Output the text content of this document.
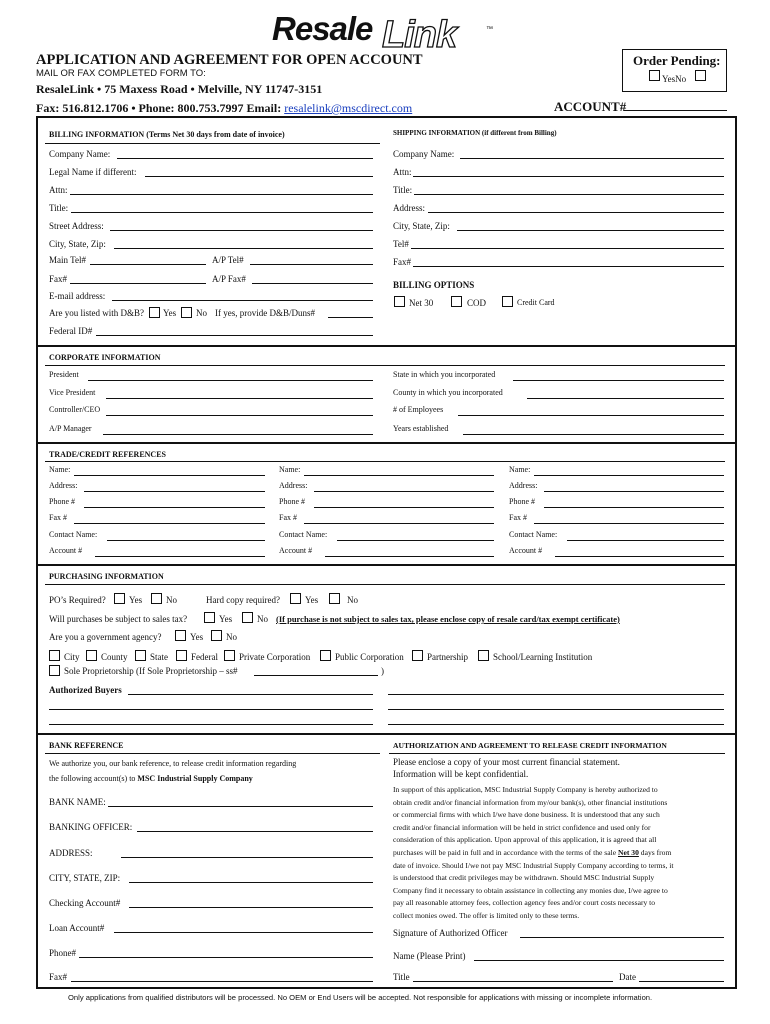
Resale Link	™
APPLICATION AND AGREEMENT FOR OPEN ACCOUNT
MAIL OR FAX COMPLETED FORM TO:
ResaleLink • 75 Maxess Road • Melville, NY 11747-3151
Fax: 516.812.1706 • Phone: 800.753.7997 Email: resalelink@mscdirect.com
Order Pending:
YesNo
ACCOUNT#
BILLING INFORMATION (Terms Net 30 days from date of invoice)
Company Name:
Legal Name if different:
Attn:
Title:
Street Address:
City, State, Zip:
Main Tel#	A/P Tel#
Fax#	A/P Fax#
E-mail address:
Are you listed with D&B? Yes No If yes, provide D&B/Duns#
Federal ID#
SHIPPING INFORMATION (if different from Billing)
Company Name:
Attn:
Title:
Address:
City, State, Zip:
Tel#
Fax#
BILLING OPTIONS
Net 30	COD	Credit Card
CORPORATE INFORMATION
President
Vice President
Controller/CEO
A/P Manager
State in which you incorporated
County in which you incorporated
# of Employees
Years established
TRADE/CREDIT REFERENCES
Name:
Address:
Phone #
Fax #
Contact Name:
Account #
Name:
Address:
Phone #
Fax #
Contact Name:
Account #
Name:
Address:
Phone #
Fax #
Contact Name:
Account #
PURCHASING INFORMATION
PO’s Required?	Yes	No	Hard copy required?	Yes	No
Will purchases be subject to sales tax?	Yes	No (If purchase is not subject to sales tax, please enclose copy of resale card/tax exempt certificate)
Are you a government agency?	Yes	No
City County State	Federal Private Corporation	Public Corporation	Partnership	School/Learning Institution
Sole Proprietorship (If Sole Proprietorship – ss#	)
Authorized Buyers
BANK REFERENCE
We authorize you, our bank reference, to release credit information regarding
the following account(s) to MSC Industrial Supply Company
BANK NAME:
BANKING OFFICER:
ADDRESS:
CITY, STATE, ZIP:
Checking Account#
Loan Account#
Phone#
Fax#
AUTHORIZATION AND AGREEMENT TO RELEASE CREDIT INFORMATION
Please enclose a copy of your most current financial statement.
Information will be kept confidential.
In support of this application, MSC Industrial Supply Company is hereby authorized to
obtain credit and/or financial information from my/our bank(s), other financial institutions
or commercial firms with which I/we have done business. It is understood that any such
credit and/or financial information will be held in strict confidence and used only for
consideration of this application. Upon approval of this application, it is agreed that all
purchases will be paid in full and in accordance with the terms of the sale Net 30 days from
date of invoice. Should I/we not pay MSC Industrial Supply Company according to terms, it
is understood that credit privileges may be withdrawn. Should MSC Industrial Supply
Company find it necessary to obtain assistance in collecting any monies due, I/we agree to
pay all reasonable attorney fees, collection agency fees and/or court costs necessary to
collect monies owed. The offer is limited only to these terms.
Signature of Authorized Officer
Name (Please Print)
Title	Date
Only applications from qualified distributors will be processed. No OEM or End Users will be accepted. Not responsible for applications with missing or incomplete information.
